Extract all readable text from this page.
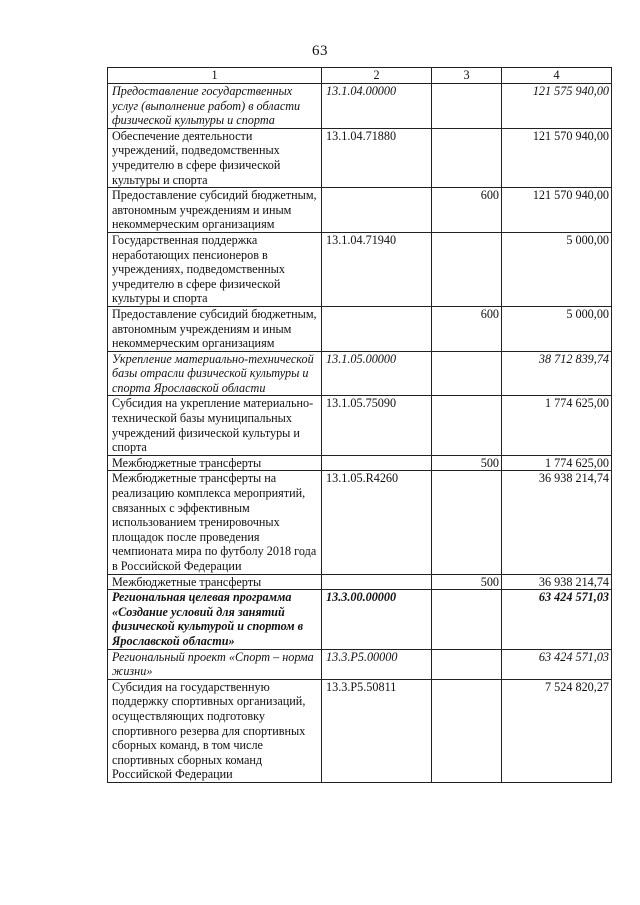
63
1	2	3	4
Предоставление государственных услуг (выполнение работ) в области физической культуры и спорта	13.1.04.00000		121 575 940,00
Обеспечение деятельности учреждений, подведомственных учредителю в сфере физической культуры и спорта	13.1.04.71880		121 570 940,00
Предоставление субсидий бюджетным, автономным учреждениям и иным некоммерческим организациям		600	121 570 940,00
Государственная поддержка неработающих пенсионеров в учреждениях, подведомственных учредителю в сфере физической культуры и спорта	13.1.04.71940		5 000,00
Предоставление субсидий бюджетным, автономным учреждениям и иным некоммерческим организациям		600	5 000,00
Укрепление материально-технической базы отрасли физической культуры и спорта Ярославской области	13.1.05.00000		38 712 839,74
Субсидия на укрепление материально-технической базы муниципальных учреждений физической культуры и спорта	13.1.05.75090		1 774 625,00
Межбюджетные трансферты		500	1 774 625,00
Межбюджетные трансферты на реализацию комплекса мероприятий, связанных с эффективным использованием тренировочных площадок после проведения чемпионата мира по футболу 2018 года в Российской Федерации	13.1.05.R4260		36 938 214,74
Межбюджетные трансферты		500	36 938 214,74
Региональная целевая программа «Создание условий для занятий физической культурой и спортом в Ярославской области»	13.3.00.00000		63 424 571,03
Региональный проект «Спорт – норма жизни»	13.3.P5.00000		63 424 571,03
Субсидия на государственную поддержку спортивных организаций, осуществляющих подготовку спортивного резерва для спортивных сборных команд, в том числе спортивных сборных команд Российской Федерации	13.3.P5.50811		7 524 820,27
